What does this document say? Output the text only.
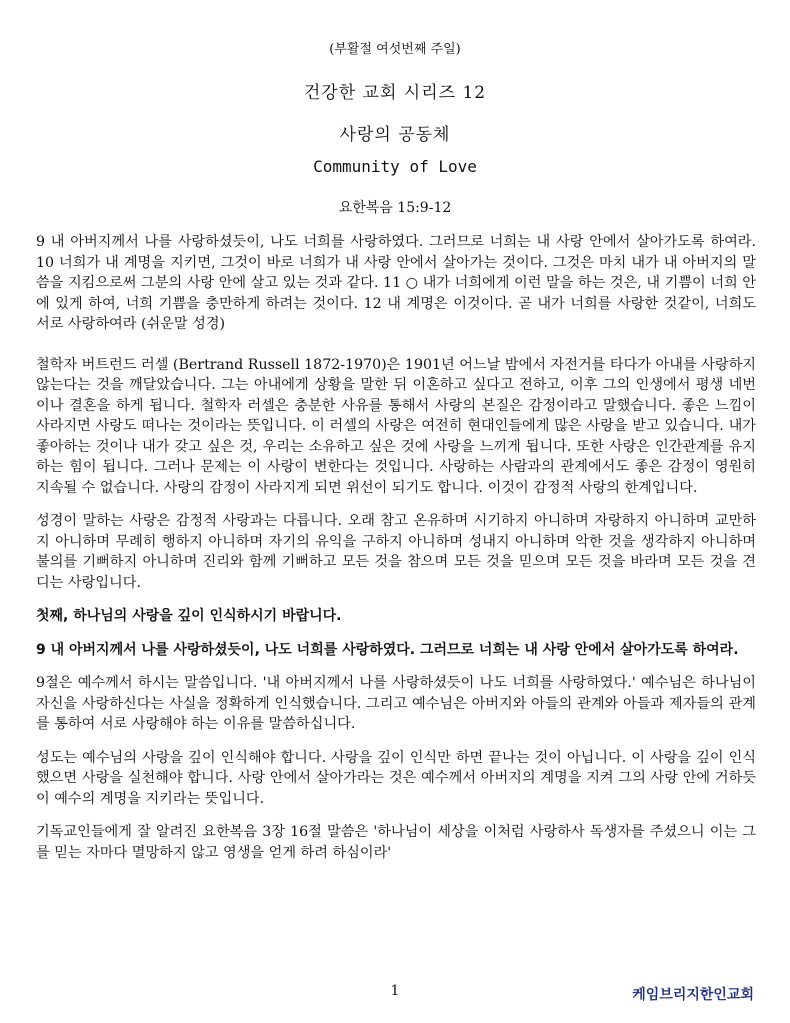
(부활절 여섯번째 주일)
건강한 교회 시리즈 12
사랑의 공동체
Community of Love
요한복음 15:9-12

9 내 아버지께서 나를 사랑하셨듯이, 나도 너희를 사랑하였다. 그러므로 너희는 내 사랑 안에서 살아가도록 하여라. 10 너희가 내 계명을 지키면, 그것이 바로 너희가 내 사랑 안에서 살아가는 것이다. 그것은 마치 내가 내 아버지의 말씀을 지킴으로써 그분의 사랑 안에 살고 있는 것과 같다. 11 ○ 내가 너희에게 이런 말을 하는 것은, 내 기쁨이 너희 안에 있게 하여, 너희 기쁨을 충만하게 하려는 것이다. 12 내 계명은 이것이다. 곧 내가 너희를 사랑한 것같이, 너희도 서로 사랑하여라 (쉬운말 성경)

철학자 버트런드 러셀 (Bertrand Russell 1872-1970)은 1901년 어느날 밤에서 자전거를 타다가 아내를 사랑하지 않는다는 것을 깨달았습니다. 그는 아내에게 상황을 말한 뒤 이혼하고 싶다고 전하고, 이후 그의 인생에서 평생 네번이나 결혼을 하게 됩니다. 철학자 러셀은 충분한 사유를 통해서 사랑의 본질은 감정이라고 말했습니다. 좋은 느낌이 사라지면 사랑도 떠나는 것이라는 뜻입니다. 이 러셀의 사랑은 여전히 현대인들에게 많은 사랑을 받고 있습니다. 내가 좋아하는 것이나 내가 갖고 싶은 것, 우리는 소유하고 싶은 것에 사랑을 느끼게 됩니다. 또한 사랑은 인간관계를 유지하는 힘이 됩니다. 그러나 문제는 이 사랑이 변한다는 것입니다. 사랑하는 사람과의 관계에서도 좋은 감정이 영원히 지속될 수 없습니다. 사랑의 감정이 사라지게 되면 위선이 되기도 합니다. 이것이 감정적 사랑의 한계입니다.

성경이 말하는 사랑은 감정적 사랑과는 다릅니다. 오래 참고 온유하며 시기하지 아니하며 자랑하지 아니하며 교만하지 아니하며 무례히 행하지 아니하며 자기의 유익을 구하지 아니하며 성내지 아니하며 악한 것을 생각하지 아니하며 불의를 기뻐하지 아니하며 진리와 함께 기뻐하고 모든 것을 참으며 모든 것을 믿으며 모든 것을 바라며 모든 것을 견디는 사랑입니다.

첫째, 하나님의 사랑을 깊이 인식하시기 바랍니다.

9 내 아버지께서 나를 사랑하셨듯이, 나도 너희를 사랑하였다. 그러므로 너희는 내 사랑 안에서 살아가도록 하여라.

9절은 예수께서 하시는 말씀입니다. '내 아버지께서 나를 사랑하셨듯이 나도 너희를 사랑하였다.' 예수님은 하나님이 자신을 사랑하신다는 사실을 정확하게 인식했습니다. 그리고 예수님은 아버지와 아들의 관계와 아들과 제자들의 관계를 통하여 서로 사랑해야 하는 이유를 말씀하십니다.

성도는 예수님의 사랑을 깊이 인식해야 합니다. 사랑을 깊이 인식만 하면 끝나는 것이 아닙니다. 이 사랑을 깊이 인식했으면 사랑을 실천해야 합니다. 사랑 안에서 살아가라는 것은 예수께서 아버지의 계명을 지켜 그의 사랑 안에 거하듯이 예수의 계명을 지키라는 뜻입니다.

기독교인들에게 잘 알려진 요한복음 3장 16절 말씀은 '하나님이 세상을 이처럼 사랑하사 독생자를 주셨으니 이는 그를 믿는 자마다 멸망하지 않고 영생을 얻게 하려 하심이라'

1	케임브리지한인교회
